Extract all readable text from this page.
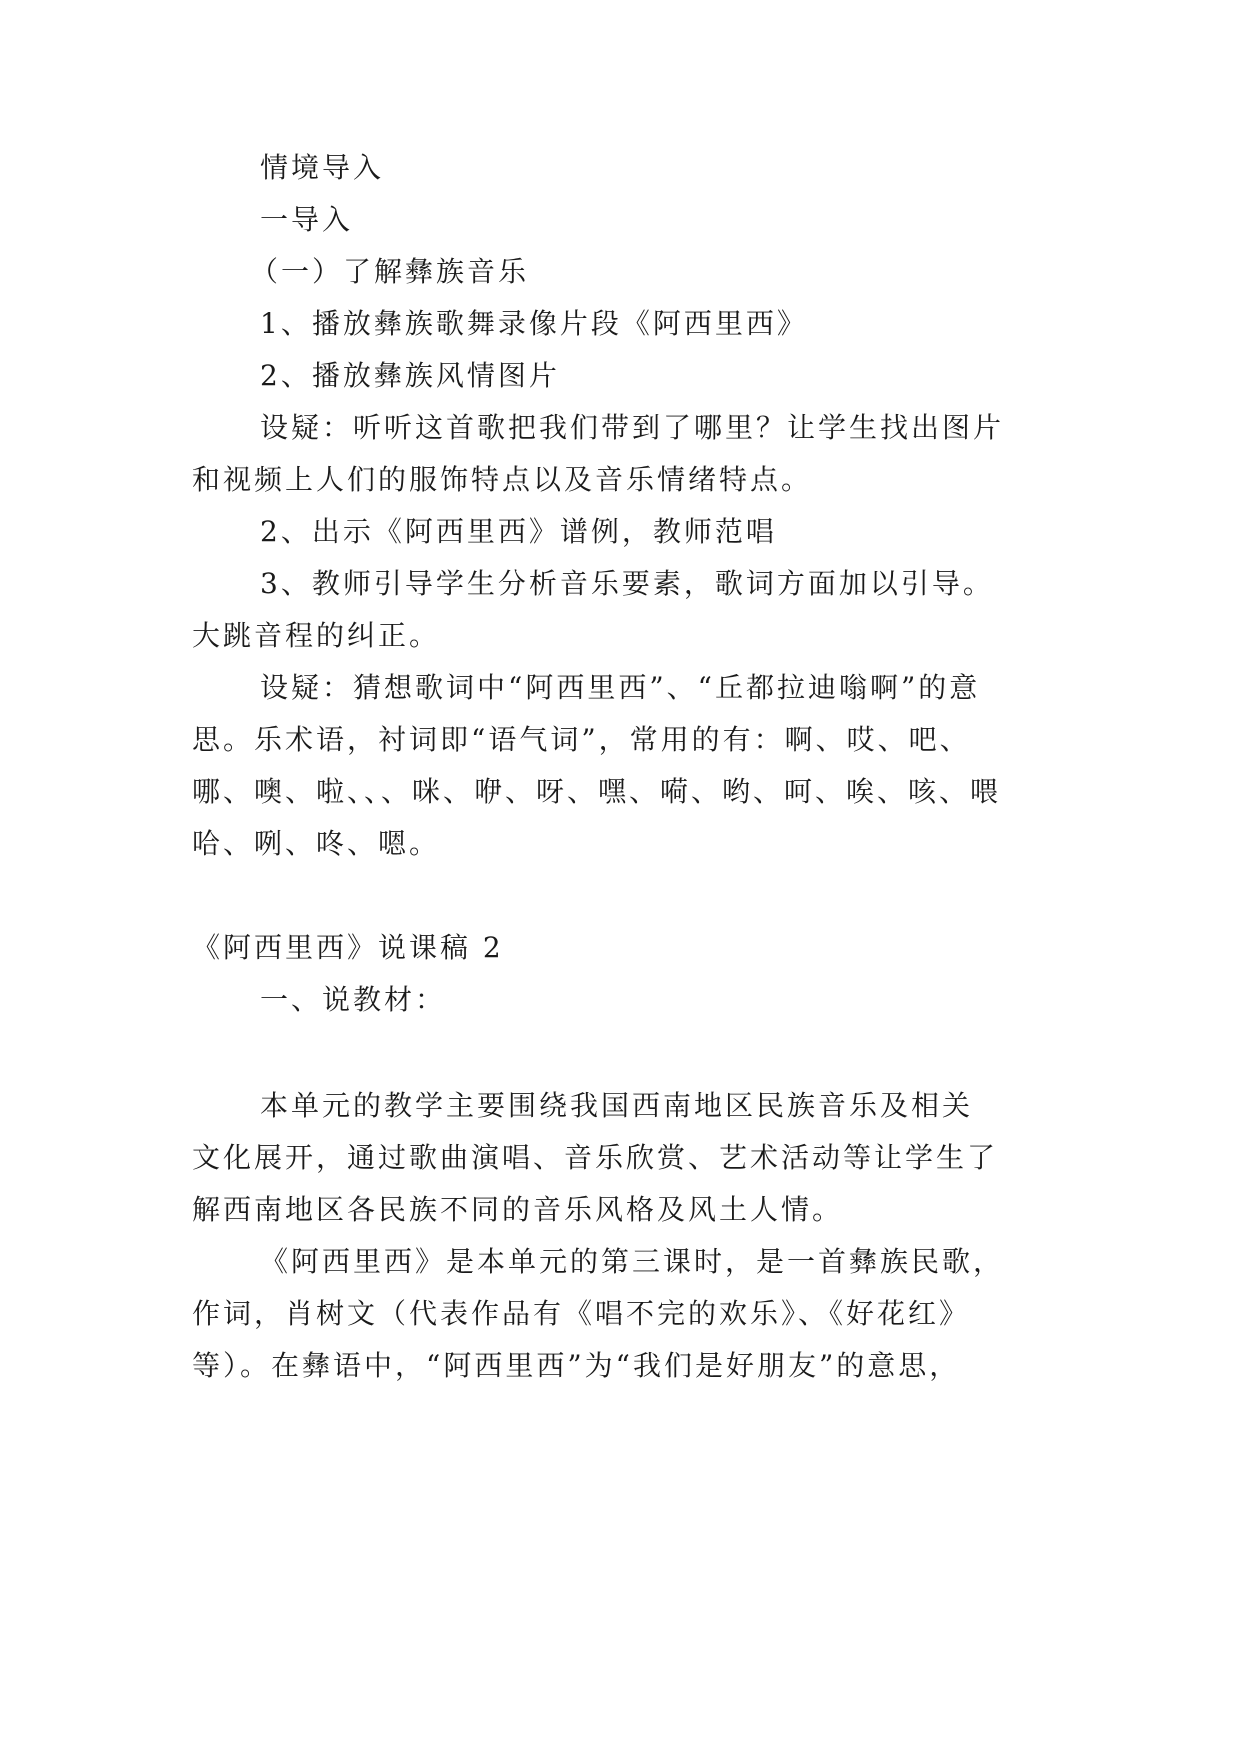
情境导入
一导入
（一）了解彝族音乐
1、播放彝族歌舞录像片段《阿西里西》
2、播放彝族风情图片
设疑：听听这首歌把我们带到了哪里？让学生找出图片
和视频上人们的服饰特点以及音乐情绪特点。
2、出示《阿西里西》谱例，教师范唱
3、教师引导学生分析音乐要素，歌词方面加以引导。
大跳音程的纠正。
设疑：猜想歌词中“阿西里西”、“丘都拉迪嗡啊”的意
思。乐术语，衬词即“语气词”，常用的有：啊、哎、吧、
哪、噢、啦、、、咪、咿、呀、嘿、嗬、哟、呵、唉、咳、喂
哈、咧、咚、嗯。
《阿西里西》说课稿 2
一、说教材：
本单元的教学主要围绕我国西南地区民族音乐及相关
文化展开，通过歌曲演唱、音乐欣赏、艺术活动等让学生了
解西南地区各民族不同的音乐风格及风土人情。
《阿西里西》是本单元的第三课时，是一首彝族民歌，
作词，肖树文（代表作品有《唱不完的欢乐》、《好花红》
等）。在彝语中，“阿西里西”为“我们是好朋友”的意思，
